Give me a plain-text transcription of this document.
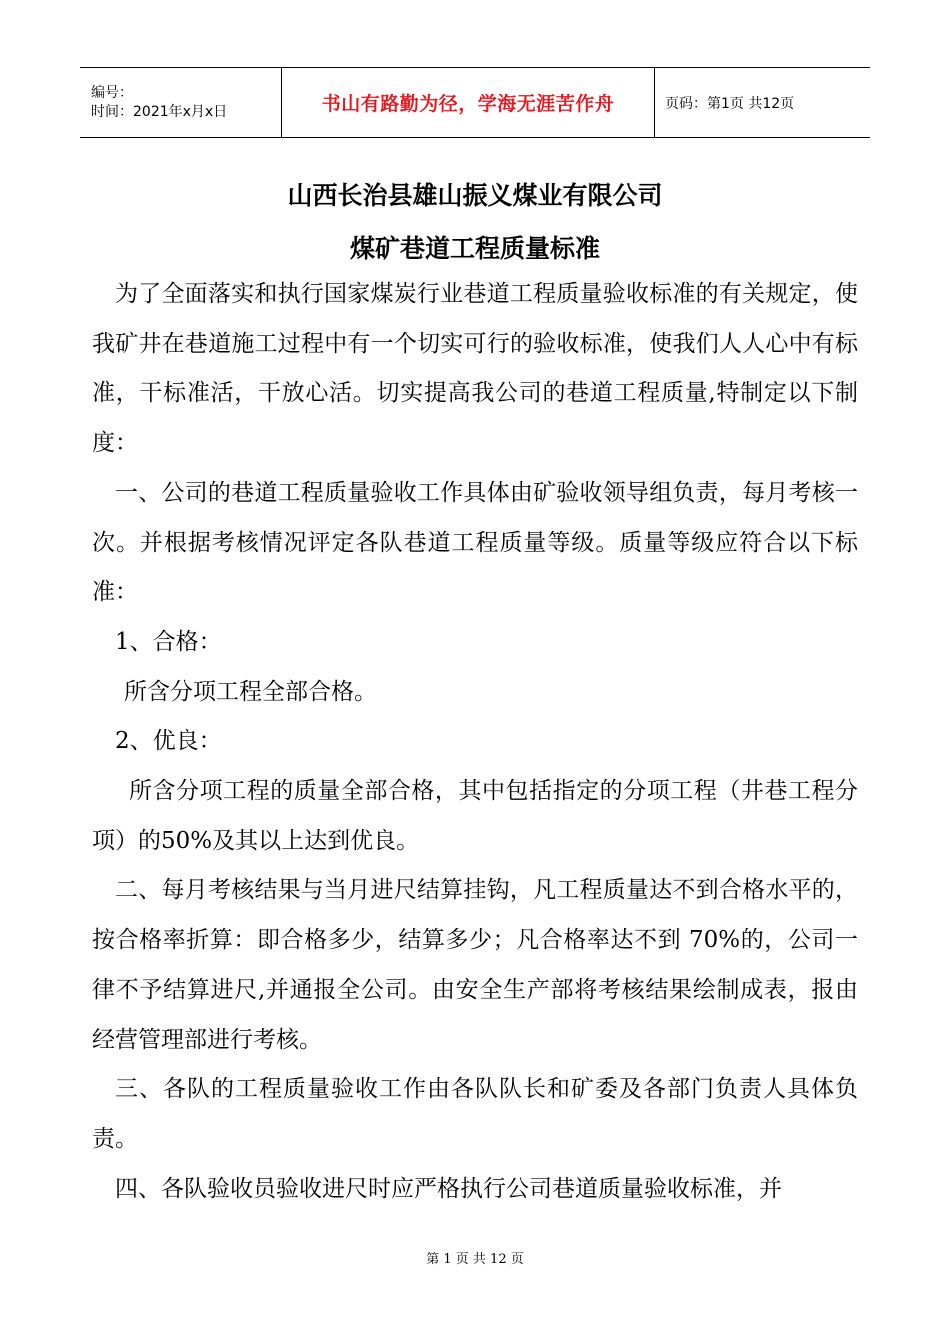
编号：
时间：2021年x月x日	书山有路勤为径，学海无涯苦作舟	页码：第1页 共12页
山西长治县雄山振义煤业有限公司
煤矿巷道工程质量标准

为了全面落实和执行国家煤炭行业巷道工程质量验收标准的有关规定，使我矿井在巷道施工过程中有一个切实可行的验收标准，使我们人人心中有标准，干标准活，干放心活。切实提高我公司的巷道工程质量,特制定以下制度：

一、公司的巷道工程质量验收工作具体由矿验收领导组负责，每月考核一次。并根据考核情况评定各队巷道工程质量等级。质量等级应符合以下标准：

1、合格：

所含分项工程全部合格。

2、优良：

所含分项工程的质量全部合格，其中包括指定的分项工程（井巷工程分项）的50%及其以上达到优良。

二、每月考核结果与当月进尺结算挂钩，凡工程质量达不到合格水平的，按合格率折算：即合格多少，结算多少；凡合格率达不到 70%的，公司一律不予结算进尺,并通报全公司。由安全生产部将考核结果绘制成表，报由经营管理部进行考核。

三、各队的工程质量验收工作由各队队长和矿委及各部门负责人具体负责。

四、各队验收员验收进尺时应严格执行公司巷道质量验收标准，并

第 1 页 共 12 页
